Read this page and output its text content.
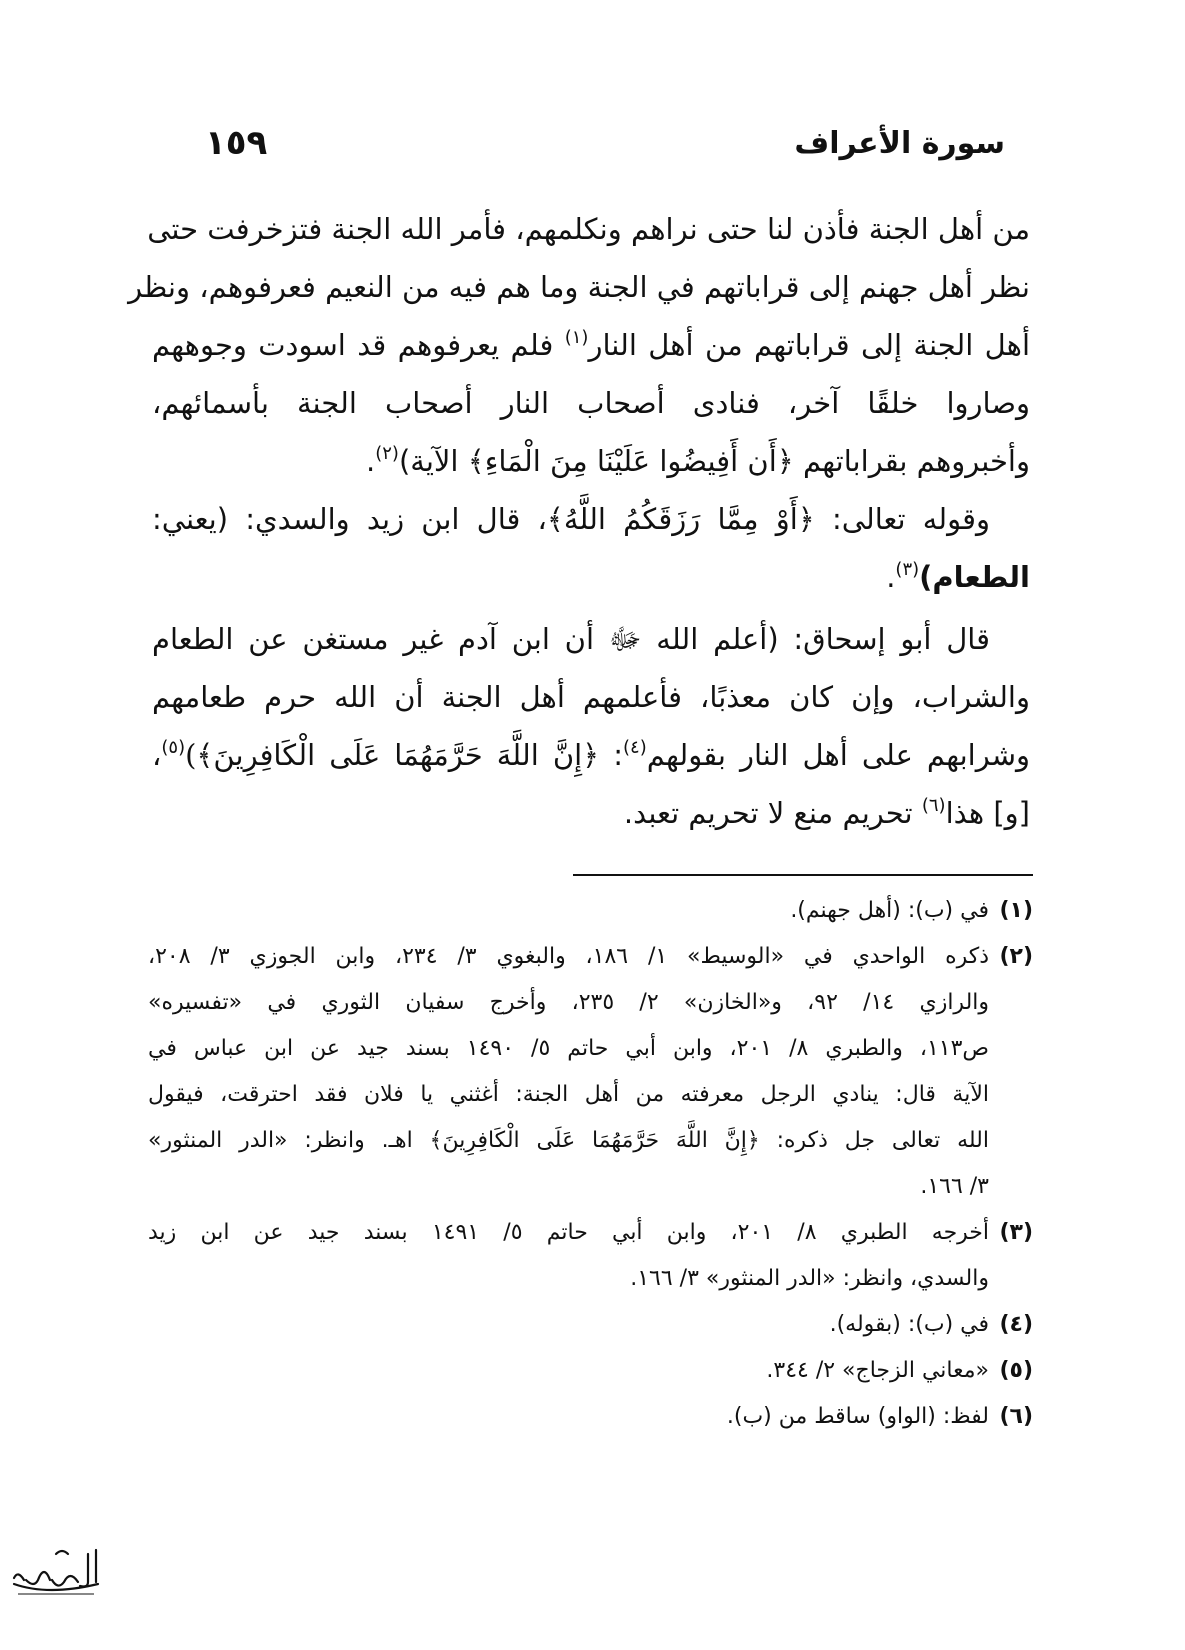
سورة الأعراف
١٥٩
من أهل الجنة فأذن لنا حتى نراهم ونكلمهم، فأمر الله الجنة فتزخرفت حتى
نظر أهل جهنم إلى قراباتهم في الجنة وما هم فيه من النعيم فعرفوهم، ونظر
أهل الجنة إلى قراباتهم من أهل النار$^{(١)}$ فلم يعرفوهم قد اسودت وجوههم
وصاروا خلقًا آخر، فنادى أصحاب النار أصحاب الجنة بأسمائهم،
وأخبروهم بقراباتهم ﴿أَن أَفِيضُوا عَلَيْنَا مِنَ الْمَاءِ﴾ الآية)$^{(٢)}$.
وقوله تعالى: ﴿أَوْ مِمَّا رَزَقَكُمُ اللَّهُ﴾، قال ابن زيد والسدي: (يعني:
الطعام)$^{(٣)}$.
قال أبو إسحاق: (أعلم الله ﷻ أن ابن آدم غير مستغن عن الطعام
والشراب، وإن كان معذبًا، فأعلمهم أهل الجنة أن الله حرم طعامهم
وشرابهم على أهل النار بقولهم$^{(٤)}$: ﴿إِنَّ اللَّهَ حَرَّمَهُمَا عَلَى الْكَافِرِينَ﴾)$^{(٥)}$،
[و] هذا$^{(٦)}$ تحريم منع لا تحريم تعبد.
(١)
في (ب): (أهل جهنم).
(٢)
ذكره الواحدي في «الوسيط» ١/ ١٨٦، والبغوي ٣/ ٢٣٤، وابن الجوزي ٣/ ٢٠٨،
والرازي ١٤/ ٩٢، و«الخازن» ٢/ ٢٣٥، وأخرج سفيان الثوري في «تفسيره»
ص١١٣، والطبري ٨/ ٢٠١، وابن أبي حاتم ٥/ ١٤٩٠ بسند جيد عن ابن عباس في
الآية قال: ينادي الرجل معرفته من أهل الجنة: أغثني يا فلان فقد احترقت، فيقول
الله تعالى جل ذكره: ﴿إِنَّ اللَّهَ حَرَّمَهُمَا عَلَى الْكَافِرِينَ﴾ اهـ. وانظر: «الدر المنثور»
٣/ ١٦٦.
(٣)
أخرجه الطبري ٨/ ٢٠١، وابن أبي حاتم ٥/ ١٤٩١ بسند جيد عن ابن زيد
والسدي، وانظر: «الدر المنثور» ٣/ ١٦٦.
(٤)
في (ب): (بقوله).
(٥)
«معاني الزجاج» ٢/ ٣٤٤.
(٦)
لفظ: (الواو) ساقط من (ب).
